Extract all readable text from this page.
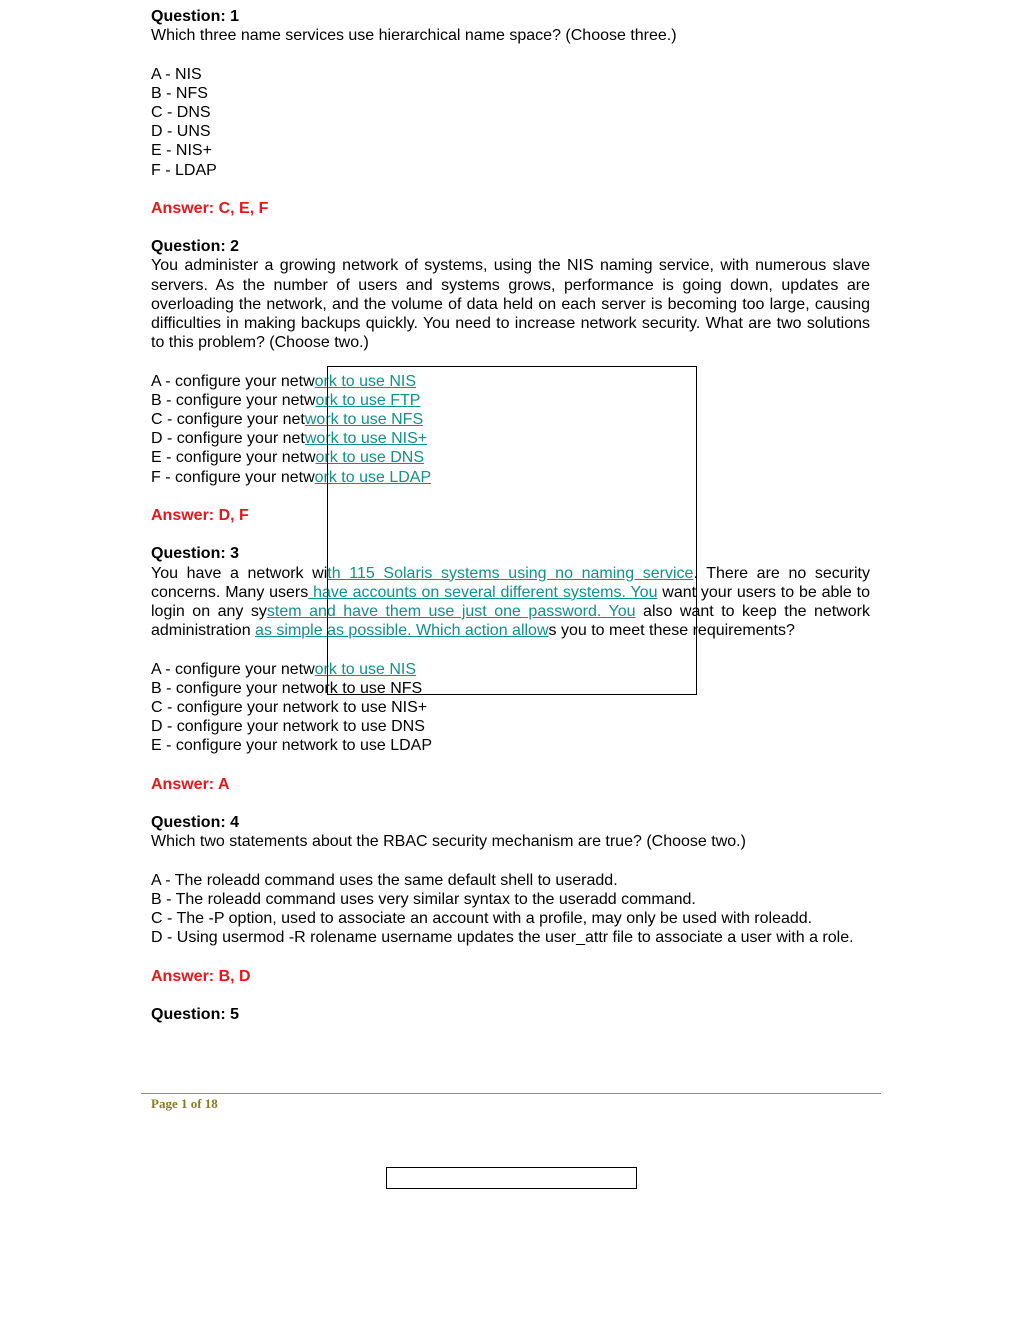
Question: 1
Which three name services use hierarchical name space? (Choose three.)
A - NIS
B - NFS
C - DNS
D - UNS
E - NIS+
F - LDAP
Answer: C, E, F
Question: 2
You administer a growing network of systems, using the NIS naming service, with numerous slave servers. As the number of users and systems grows, performance is going down, updates are overloading the network, and the volume of data held on each server is becoming too large, causing difficulties in making backups quickly. You need to increase network security. What are two solutions to this problem? (Choose two.)
A - configure your network to use NIS
B - configure your network to use FTP
C - configure your network to use NFS
D - configure your network to use NIS+
E - configure your network to use DNS
F - configure your network to use LDAP
Answer: D, F
Question: 3
You have a network with 115 Solaris systems using no naming service. There are no security concerns. Many users have accounts on several different systems. You want your users to be able to login on any system and have them use just one password. You also want to keep the network administration as simple as possible. Which action allows you to meet these requirements?
A - configure your network to use NIS
B - configure your network to use NFS
C - configure your network to use NIS+
D - configure your network to use DNS
E - configure your network to use LDAP
Answer: A
Question: 4
Which two statements about the RBAC security mechanism are true? (Choose two.)
A - The roleadd command uses the same default shell to useradd.
B - The roleadd command uses very similar syntax to the useradd command.
C - The -P option, used to associate an account with a profile, may only be used with roleadd.
D - Using usermod -R rolename username updates the user_attr file to associate a user with a role.
Answer: B, D
Question: 5
Page 1 of 18
